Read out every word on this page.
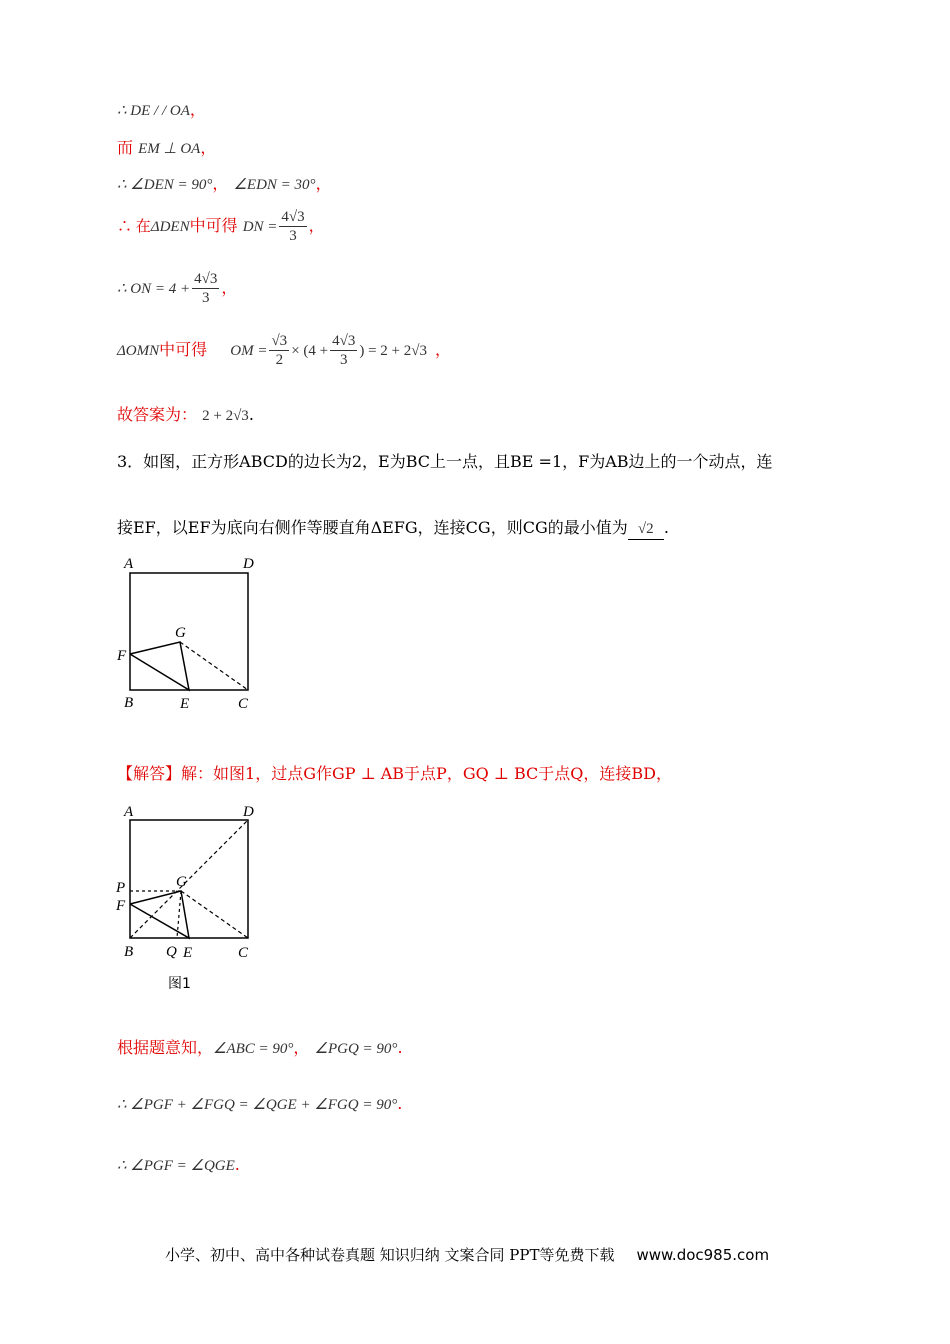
∴ DE / / OA，
而 EM ⊥ OA，
∴ ∠DEN = 90°， ∠EDN = 30°，
∴ 在ΔDEN中可得 DN = $\frac{4√3}{3}$ ，
∴ ON = $4 + \frac{4√3}{3}$ ，
ΔOMN中可得 OM = $\frac{√3}{2} \times (4 + \frac{4√3}{3}$ ) = 2 + 2√3 ，
故答案为： 2 + 2√3.
3．如图，正方形ABCD的边长为2，E为BC上一点，且BE =1，F为AB边上的一个动点，连
接EF，以EF为底向右侧作等腰直角ΔEFG，连接CG，则CG的最小值为 √2 .
A	D
G
F
B	E	C
【解答】解：如图1，过点G作GP ⊥ AB于点P，GQ ⊥ BC于点Q，连接BD，
A	D
P	G
F
B Q E	C
图1
根据题意知，∠ABC = 90°， ∠PGQ = 90°.
∴ ∠PGF + ∠FGQ = ∠QGE + ∠FGQ = 90°.
∴ ∠PGF = ∠QGE.
小学、初中、高中各种试卷真题 知识归纳 文案合同 PPT等免费下载 www.doc985.com
